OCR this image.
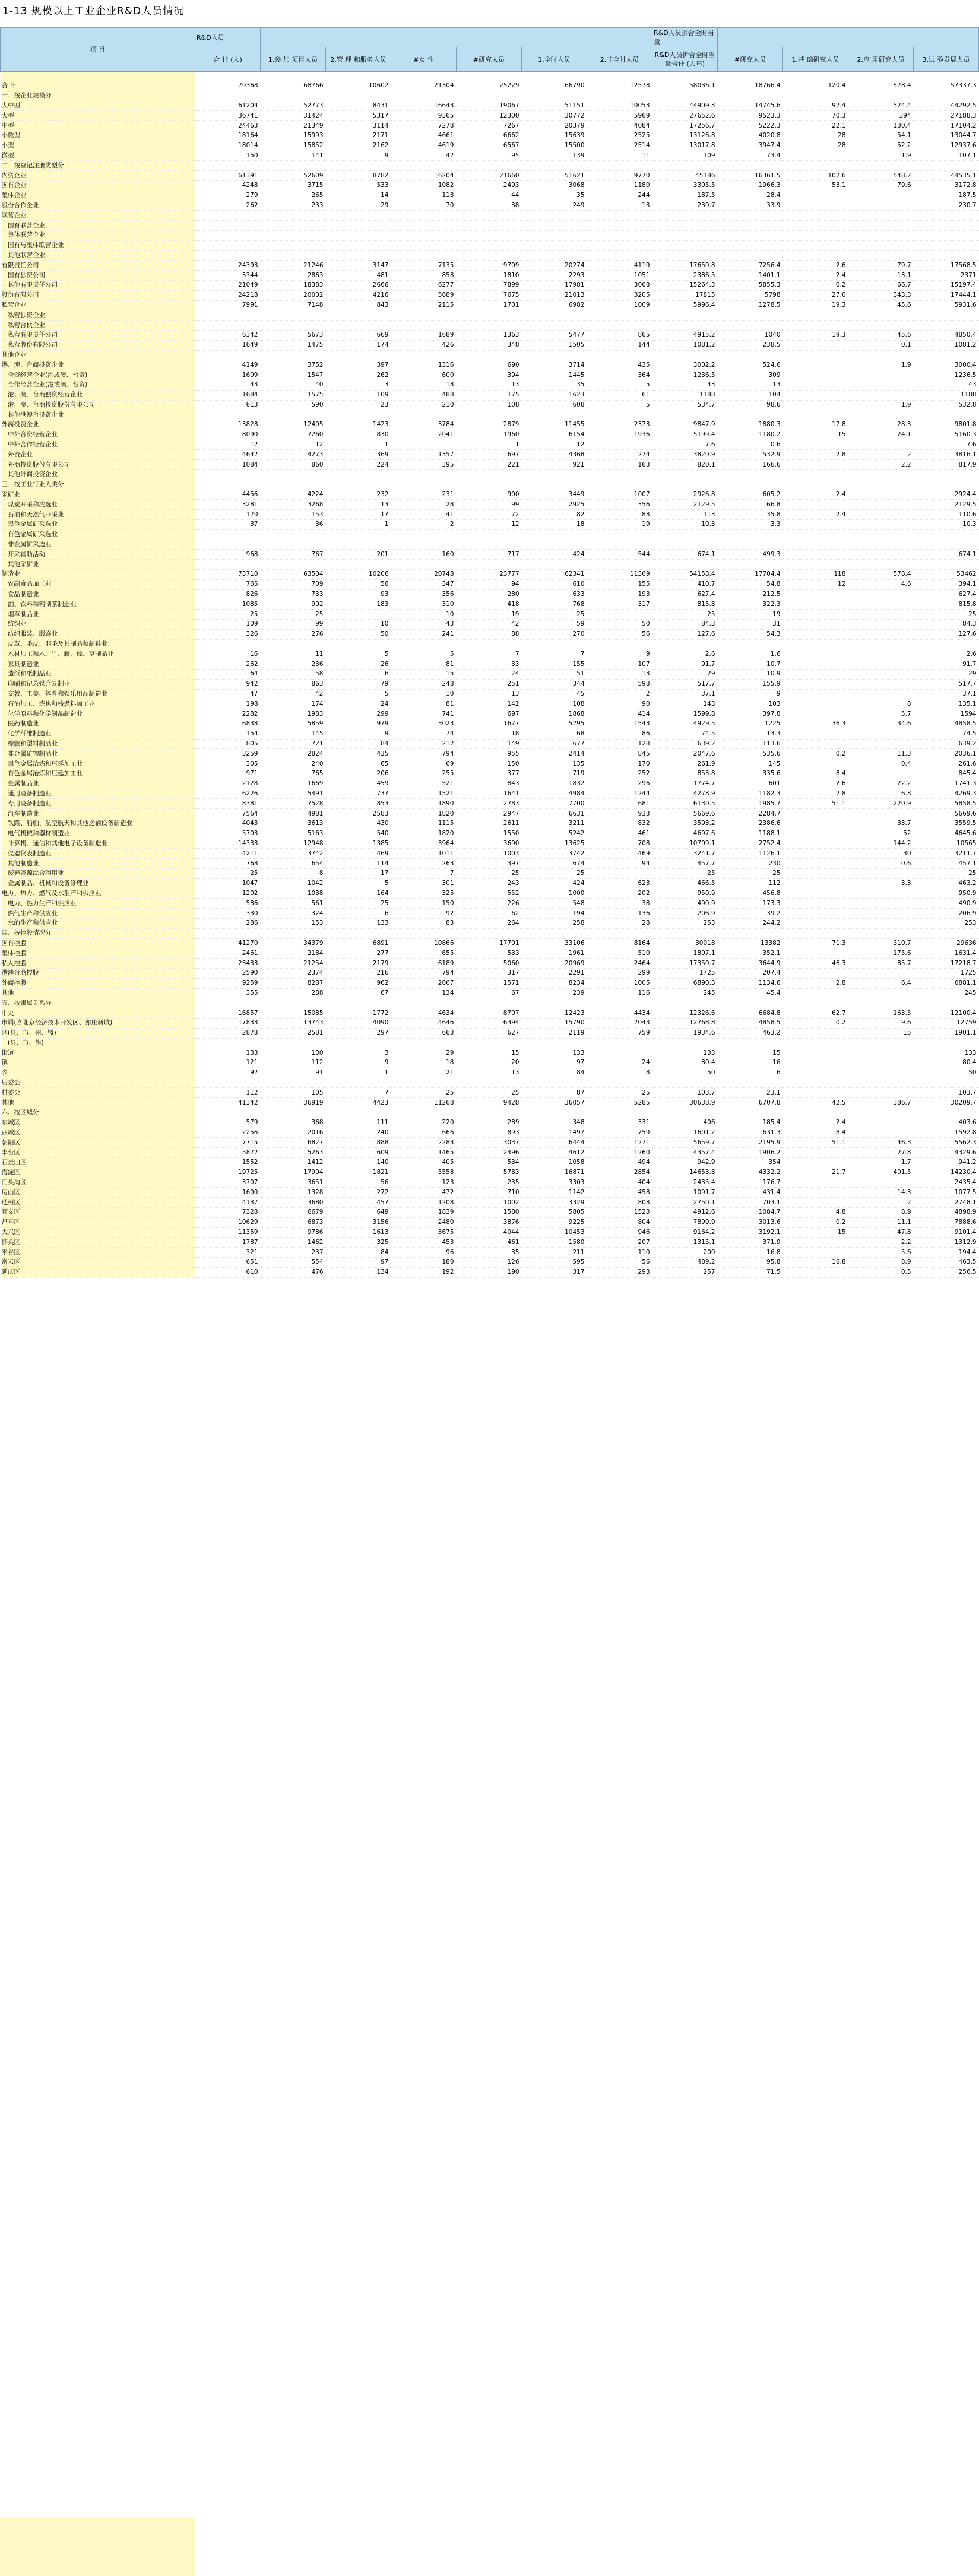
1-13 规模以上工业企业R&D人员情况
项 目	R&D人员							R&D人员折合全时当量				
	合 计 (人)	1.参 加 项目人员	2.管 理 和服务人员	#女 性	#研究人员	1.全时人员	2.非全时人员	R&D人员折合全时当量合计 (人年)	#研究人员	1.基 础研究人员	2.应 用研究人员	3.试 验发展人员

合 计	79368	68766	10602	21304	25229	66790	12578	58036.1	18766.4	120.4	578.4	57337.3
一、按企业规模分												
大中型	61204	52773	8431	16643	19067	51151	10053	44909.3	14745.6	92.4	524.4	44292.5
大型	36741	31424	5317	9365	12300	30772	5969	27652.6	9523.3	70.3	394	27188.3
中型	24463	21349	3114	7278	7267	20379	4084	17256.7	5222.3	22.1	130.4	17104.2
小微型	18164	15993	2171	4661	6662	15639	2525	13126.8	4020.8	28	54.1	13044.7
小型	18014	15852	2162	4619	6567	15500	2514	13017.8	3947.4	28	52.2	12937.6
微型	150	141	9	42	95	139	11	109	73.4		1.9	107.1
二、按登记注册类型分												
内资企业	61391	52609	8782	16204	21660	51621	9770	45186	16361.5	102.6	548.2	44535.1
国有企业	4248	3715	533	1082	2493	3068	1180	3305.5	1966.3	53.1	79.6	3172.8
集体企业	279	265	14	113	44	35	244	187.5	28.4			187.5
股份合作企业	262	233	29	70	38	249	13	230.7	33.9			230.7
联营企业												
　国有联营企业												
　集体联营企业												
　国有与集体联营企业												
　其他联营企业												
有限责任公司	24393	21246	3147	7135	9709	20274	4119	17650.8	7256.4	2.6	79.7	17568.5
　国有独资公司	3344	2863	481	858	1810	2293	1051	2386.5	1401.1	2.4	13.1	2371
　其他有限责任公司	21049	18383	2666	6277	7899	17981	3068	15264.3	5855.3	0.2	66.7	15197.4
股份有限公司	24218	20002	4216	5689	7675	21013	3205	17815	5798	27.6	343.3	17444.1
私营企业	7991	7148	843	2115	1701	6982	1009	5996.4	1278.5	19.3	45.6	5931.6
　私营独资企业												
　私营合伙企业												
　私营有限责任公司	6342	5673	669	1689	1363	5477	865	4915.2	1040	19.3	45.6	4850.4
　私营股份有限公司	1649	1475	174	426	348	1505	144	1081.2	238.5		0.1	1081.2
其他企业												
港、澳、台商投资企业	4149	3752	397	1316	690	3714	435	3002.2	524.6		1.9	3000.4
　合资经营企业(港或澳、台资)	1609	1547	262	600	394	1445	364	1236.5	309			1236.5
　合作经营企业(港或澳、台资)	43	40	3	18	13	35	5	43	13			43
　港、澳、台商独资经营企业	1684	1575	109	488	175	1623	61	1188	104			1188
　港、澳、台商投资股份有限公司	613	590	23	210	108	608	5	534.7	98.6		1.9	532.8
　其他港澳台投资企业												
外商投资企业	13828	12405	1423	3784	2879	11455	2373	9847.9	1880.3	17.8	28.3	9801.8
　中外合资经营企业	8090	7260	830	2041	1960	6154	1936	5199.4	1180.2	15	24.1	5160.3
　中外合作经营企业	12	12	1		1	12		7.6	0.6			7.6
　外资企业	4642	4273	369	1357	697	4368	274	3820.9	532.9	2.8	2	3816.1
　外商投资股份有限公司	1084	860	224	395	221	921	163	820.1	166.6		2.2	817.9
　其他外商投资企业												
三、按工业行业大类分												
采矿业	4456	4224	232	231	900	3449	1007	2926.8	605.2	2.4		2924.4
　煤炭开采和洗选业	3281	3268	13	28	99	2925	356	2129.5	66.8			2129.5
　石油和天然气开采业	170	153	17	41	72	82	88	113	35.8	2.4		110.6
　黑色金属矿采选业	37	36	1	2	12	18	19	10.3	3.3			10.3
　有色金属矿采选业												
　非金属矿采选业												
　开采辅助活动	968	767	201	160	717	424	544	674.1	499.3			674.1
　其他采矿业												
制造业	73710	63504	10206	20748	23777	62341	11369	54158.4	17704.4	118	578.4	53462
　农副食品加工业	765	709	56	347	94	610	155	410.7	54.8	12	4.6	394.1
　食品制造业	826	733	93	356	280	633	193	627.4	212.5			627.4
　酒、饮料和精制茶制造业	1085	902	183	310	418	768	317	815.8	322.3			815.8
　烟草制品业	25	25		10	19	25		25	19			25
　纺织业	109	99	10	43	42	59	50	84.3	31			84.3
　纺织服装、服饰业	326	276	50	241	88	270	56	127.6	54.3			127.6
　皮革、毛皮、羽毛及其制品和制鞋业												
　木材加工和木、竹、藤、棕、草制品业	16	11	5	5	7	7	9	2.6	1.6			2.6
　家具制造业	262	236	26	81	33	155	107	91.7	10.7			91.7
　造纸和纸制品业	64	58	6	15	24	51	13	29	10.9			29
　印刷和记录媒介复制业	942	863	79	248	251	344	598	517.7	155.9			517.7
　文教、工美、体育和娱乐用品制造业	47	42	5	10	13	45	2	37.1	9			37.1
　石油加工、炼焦和核燃料加工业	198	174	24	81	142	108	90	143	103		8	135.1
　化学原料和化学制品制造业	2282	1983	299	741	697	1868	414	1599.8	397.8		5.7	1594
　医药制造业	6838	5859	979	3023	1677	5295	1543	4929.5	1225	36.3	34.6	4858.5
　化学纤维制造业	154	145	9	74	18	68	86	74.5	13.3			74.5
　橡胶和塑料制品业	805	721	84	212	149	677	128	639.2	113.6			639.2
　非金属矿物制品业	3259	2824	435	794	955	2414	845	2047.6	535.6	0.2	11.3	2036.1
　黑色金属冶炼和压延加工业	305	240	65	69	150	135	170	261.9	145		0.4	261.6
　有色金属冶炼和压延加工业	971	765	206	255	377	719	252	853.8	335.6	8.4		845.4
　金属制品业	2128	1669	459	521	843	1832	296	1774.7	601	2.6	22.2	1741.3
　通用设备制造业	6226	5491	737	1521	1641	4984	1244	4278.9	1182.3	2.8	6.8	4269.3
　专用设备制造业	8381	7528	853	1890	2783	7700	681	6130.5	1985.7	51.1	220.9	5858.5
　汽车制造业	7564	4981	2583	1820	2947	6631	933	5669.6	2284.7			5669.6
　铁路、船舶、航空航天和其他运输设备制造业	4043	3613	430	1115	2611	3211	832	3593.2	2386.6		33.7	3559.5
　电气机械和器材制造业	5703	5163	540	1820	1550	5242	461	4697.6	1188.1		52	4645.6
　计算机、通信和其他电子设备制造业	14333	12948	1385	3964	3690	13625	708	10709.1	2752.4		144.2	10565
　仪器仪表制造业	4211	3742	469	1011	1003	3742	469	3241.7	1126.1		30	3211.7
　其他制造业	768	654	114	263	397	674	94	457.7	230		0.6	457.1
　废弃资源综合利用业	25	8	17	7	25	25		25	25			25
　金属制品、机械和设备修理业	1047	1042	5	301	243	424	623	466.5	112		3.3	463.2
电力、热力、燃气及水生产和供应业	1202	1038	164	325	552	1000	202	950.9	456.8			950.9
　电力、热力生产和供应业	586	561	25	150	226	548	38	490.9	173.3			490.9
　燃气生产和供应业	330	324	6	92	62	194	136	206.9	39.2			206.9
　水的生产和供应业	286	153	133	83	264	258	28	253	244.2			253
四、按控股情况分												
国有控股	41270	34379	6891	10866	17701	33106	8164	30018	13382	71.3	310.7	29636
集体控股	2461	2184	277	655	533	1961	510	1807.1	352.1		175.6	1631.4
私人控股	23433	21254	2179	6189	5060	20969	2464	17350.7	3644.9	46.3	85.7	17218.7
港澳台商控股	2590	2374	216	794	317	2291	299	1725	207.4			1725
外商控股	9259	8287	962	2667	1571	8234	1005	6890.3	1134.6	2.8	6.4	6881.1
其他	355	288	67	134	67	239	116	245	45.4			245
五、按隶属关系分												
中央	16857	15085	1772	4634	8707	12423	4434	12326.6	6684.8	62.7	163.5	12100.4
市属(含北京经济技术开发区、亦庄新城)	17833	13743	4090	4646	6394	15790	2043	12768.8	4858.5	0.2	9.6	12759
区(县、市、州、盟)	2878	2581	297	663	627	2119	759	1934.6	463.2		15	1901.1
　(县、市、旗)												
街道	133	130	3	29	15	133		133	15			133
镇	121	112	9	18	20	97	24	80.4	16			80.4
乡	92	91	1	21	13	84	8	50	6			50
居委会												
村委会	112	105	7	25	25	87	25	103.7	23.1			103.7
其他	41342	36919	4423	11268	9428	36057	5285	30638.9	6707.8	42.5	386.7	30209.7
六、按区域分												
东城区	579	368	111	220	289	348	331	406	185.4	2.4		403.6
西城区	2256	2016	240	666	893	1497	759	1601.2	631.3	8.4		1592.8
朝阳区	7715	6827	888	2283	3037	6444	1271	5659.7	2195.9	51.1	46.3	5562.3
丰台区	5872	5263	609	1465	2496	4612	1260	4357.4	1906.2		27.8	4329.6
石景山区	1552	1412	140	405	534	1058	494	942.9	354		1.7	941.2
海淀区	19725	17904	1821	5558	5783	16871	2854	14653.8	4332.2	21.7	401.5	14230.4
门头沟区	3707	3651	56	123	235	3303	404	2435.4	176.7			2435.4
房山区	1600	1328	272	472	710	1142	458	1091.7	431.4		14.3	1077.5
通州区	4137	3680	457	1208	1002	3329	808	2750.1	703.1		2	2748.1
顺义区	7328	6679	649	1839	1580	5805	1523	4912.6	1084.7	4.8	8.9	4898.9
昌平区	10629	6873	3156	2480	3876	9225	804	7899.9	3013.6	0.2	11.1	7888.6
大兴区	11359	9786	1613	3675	4044	10453	946	9164.2	3192.1	15	47.8	9101.4
怀柔区	1787	1462	325	453	461	1580	207	1315.1	371.9		2.2	1312.9
平谷区	321	237	84	96	35	211	110	200	16.8		5.6	194.4
密云区	651	554	97	180	126	595	56	489.2	95.8	16.8	8.9	463.5
延庆区	610	476	134	192	190	317	293	257	71.5		0.5	256.5
